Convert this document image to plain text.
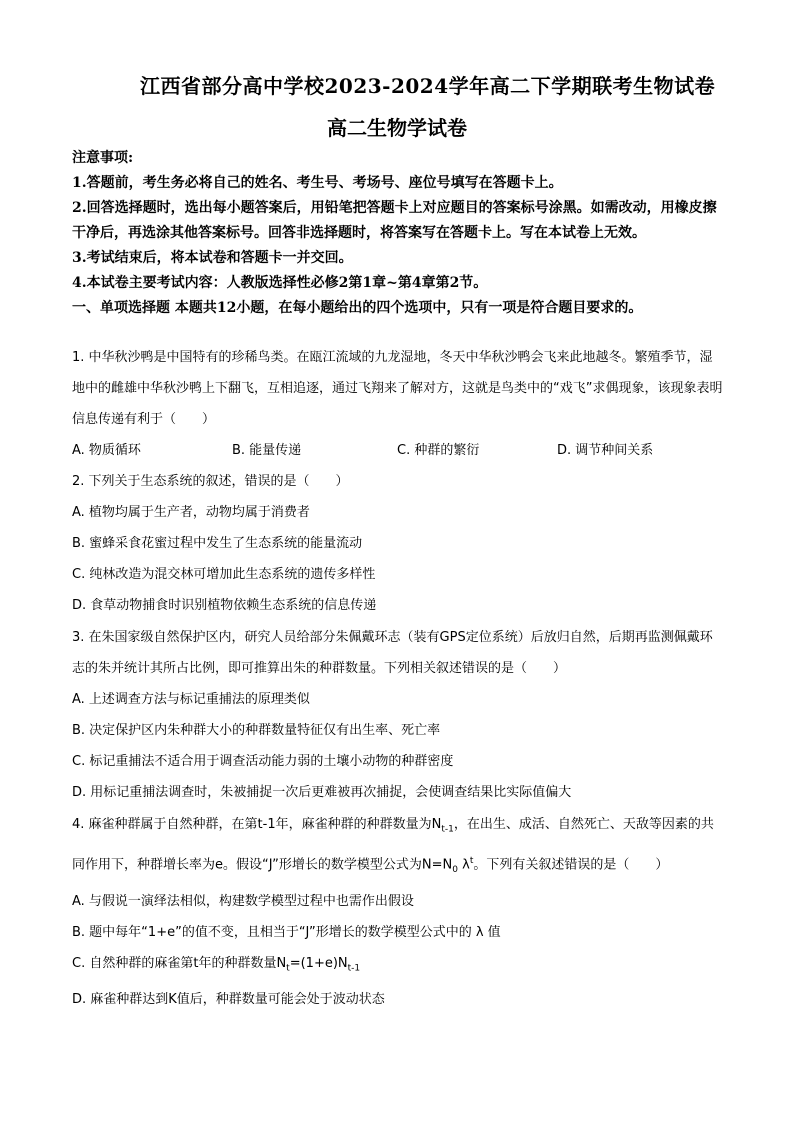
江西省部分高中学校2023-2024学年高二下学期联考生物试卷
高二生物学试卷

注意事项:

1.答题前，考生务必将自己的姓名、考生号、考场号、座位号填写在答题卡上。

2.回答选择题时，选出每小题答案后，用铅笔把答题卡上对应题目的答案标号涂黑。如需改动，用橡皮擦干净后，再选涂其他答案标号。回答非选择题时，将答案写在答题卡上。写在本试卷上无效。

3.考试结束后，将本试卷和答题卡一并交回。

4.本试卷主要考试内容：人教版选择性必修2第1章~第4章第2节。

一、单项选择题 本题共12小题，在每小题给出的四个选项中，只有一项是符合题目要求的。

1. 中华秋沙鸭是中国特有的珍稀鸟类。在瓯江流域的九龙湿地，冬天中华秋沙鸭会飞来此地越冬。繁殖季节，湿地中的雌雄中华秋沙鸭上下翻飞，互相追逐，通过飞翔来了解对方，这就是鸟类中的“戏飞”求偶现象，该现象表明信息传递有利于（　　）

A. 物质循环	B. 能量传递	C. 种群的繁衍	D. 调节种间关系

2. 下列关于生态系统的叙述，错误的是（　　）

A. 植物均属于生产者，动物均属于消费者

B. 蜜蜂采食花蜜过程中发生了生态系统的能量流动

C. 纯林改造为混交林可增加此生态系统的遗传多样性

D. 食草动物捕食时识别植物依赖生态系统的信息传递

3. 在朱国家级自然保护区内，研究人员给部分朱佩戴环志（装有GPS定位系统）后放归自然，后期再监测佩戴环志的朱并统计其所占比例，即可推算出朱的种群数量。下列相关叙述错误的是（　　）

A. 上述调查方法与标记重捕法的原理类似

B. 决定保护区内朱种群大小的种群数量特征仅有出生率、死亡率

C. 标记重捕法不适合用于调查活动能力弱的土壤小动物的种群密度

D. 用标记重捕法调查时，朱被捕捉一次后更难被再次捕捉，会使调查结果比实际值偏大

4. 麻雀种群属于自然种群，在第t-1年，麻雀种群的种群数量为$N_{t-1}$，在出生、成活、自然死亡、天敌等因素的共同作用下，种群增长率为e。假设“J”形增长的数学模型公式为$N=N_0$ $\lambda^t$。下列有关叙述错误的是（　　）

A. 与假说一演绎法相似，构建数学模型过程中也需作出假设

B. 题中每年“1+e”的值不变，且相当于“J”形增长的数学模型公式中的 λ 值

C. 自然种群的麻雀第t年的种群数量$N_t=(1+e)N_{t-1}$

D. 麻雀种群达到K值后，种群数量可能会处于波动状态
